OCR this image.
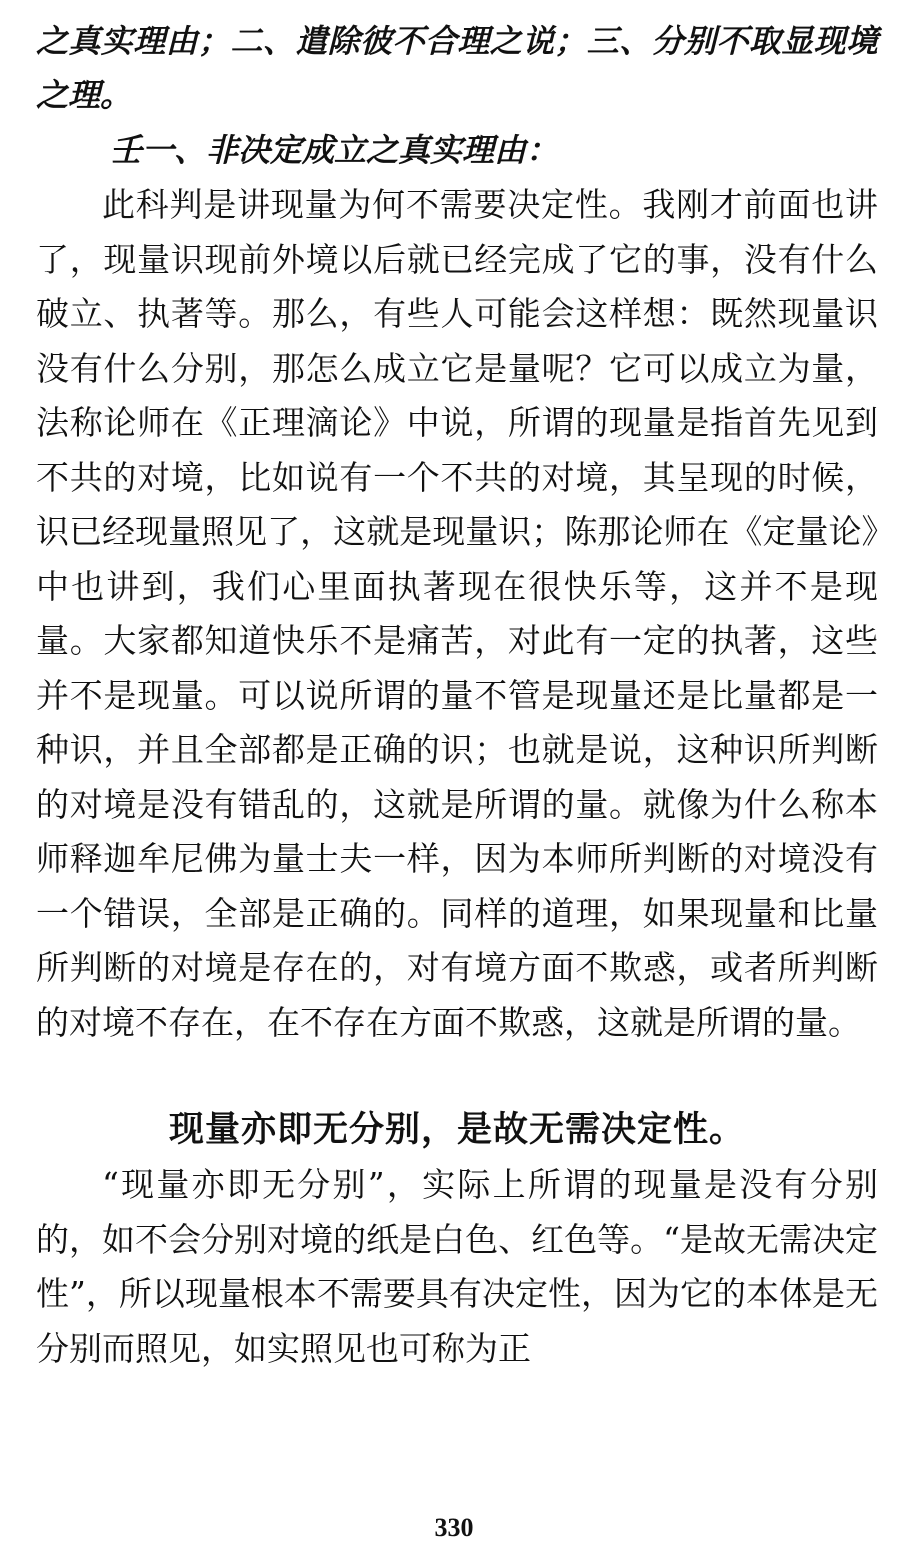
之真实理由；二、遣除彼不合理之说；三、分别不取显现境之理。

壬一、非决定成立之真实理由：

此科判是讲现量为何不需要决定性。我刚才前面也讲了，现量识现前外境以后就已经完成了它的事，没有什么破立、执著等。那么，有些人可能会这样想：既然现量识没有什么分别，那怎么成立它是量呢？它可以成立为量，法称论师在《正理滴论》中说，所谓的现量是指首先见到不共的对境，比如说有一个不共的对境，其呈现的时候，识已经现量照见了，这就是现量识；陈那论师在《定量论》中也讲到，我们心里面执著现在很快乐等，这并不是现量。大家都知道快乐不是痛苦，对此有一定的执著，这些并不是现量。可以说所谓的量不管是现量还是比量都是一种识，并且全部都是正确的识；也就是说，这种识所判断的对境是没有错乱的，这就是所谓的量。就像为什么称本师释迦牟尼佛为量士夫一样，因为本师所判断的对境没有一个错误，全部是正确的。同样的道理，如果现量和比量所判断的对境是存在的，对有境方面不欺惑，或者所判断的对境不存在，在不存在方面不欺惑，这就是所谓的量。

现量亦即无分别，是故无需决定性。

“现量亦即无分别”，实际上所谓的现量是没有分别的，如不会分别对境的纸是白色、红色等。“是故无需决定性”，所以现量根本不需要具有决定性，因为它的本体是无分别而照见，如实照见也可称为正

330
